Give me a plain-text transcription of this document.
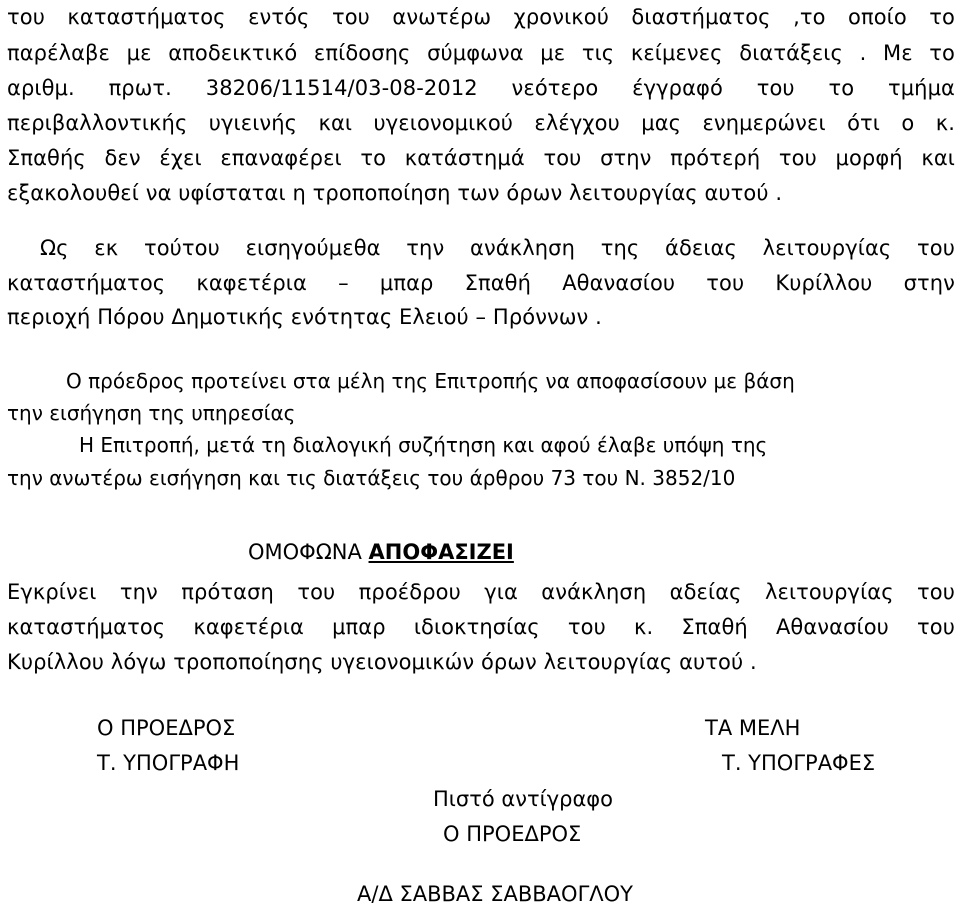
του καταστήματος εντός του ανωτέρω χρονικού διαστήματος ,το οποίο το
παρέλαβε με αποδεικτικό επίδοσης σύμφωνα με τις κείμενες διατάξεις . Με το
αριθμ. πρωτ. 38206/11514/03-08-2012 νεότερο έγγραφό του το τμήμα
περιβαλλοντικής υγιεινής και υγειονομικού ελέγχου μας ενημερώνει ότι ο κ.
Σπαθής δεν έχει επαναφέρει το κατάστημά του στην πρότερή του μορφή και
εξακολουθεί να υφίσταται η τροποποίηση των όρων λειτουργίας αυτού .
Ως εκ τούτου εισηγούμεθα την ανάκληση της άδειας λειτουργίας του
καταστήματος καφετέρια – μπαρ Σπαθή Αθανασίου του Κυρίλλου στην
περιοχή Πόρου Δημοτικής ενότητας Ελειού – Πρόννων .
Ο πρόεδρος προτείνει στα μέλη της Επιτροπής να αποφασίσουν με βάση
την εισήγηση της υπηρεσίας
Η Επιτροπή, μετά τη διαλογική συζήτηση και αφού έλαβε υπόψη της
την ανωτέρω εισήγηση και τις διατάξεις του άρθρου 73 του Ν. 3852/10
ΟΜΟΦΩΝΑ ΑΠΟΦΑΣΙΖΕΙ
Εγκρίνει την πρόταση του προέδρου για ανάκληση αδείας λειτουργίας του
καταστήματος καφετέρια μπαρ ιδιοκτησίας του κ. Σπαθή Αθανασίου του
Κυρίλλου λόγω τροποποίησης υγειονομικών όρων λειτουργίας αυτού .
Ο ΠΡΟΕΔΡΟΣ
Τ. ΥΠΟΓΡΑΦΗ
ΤΑ ΜΕΛΗ
Τ. ΥΠΟΓΡΑΦΕΣ
Πιστό αντίγραφο
Ο ΠΡΟΕΔΡΟΣ
Α/Δ ΣΑΒΒΑΣ ΣΑΒΒΑΟΓΛΟΥ
